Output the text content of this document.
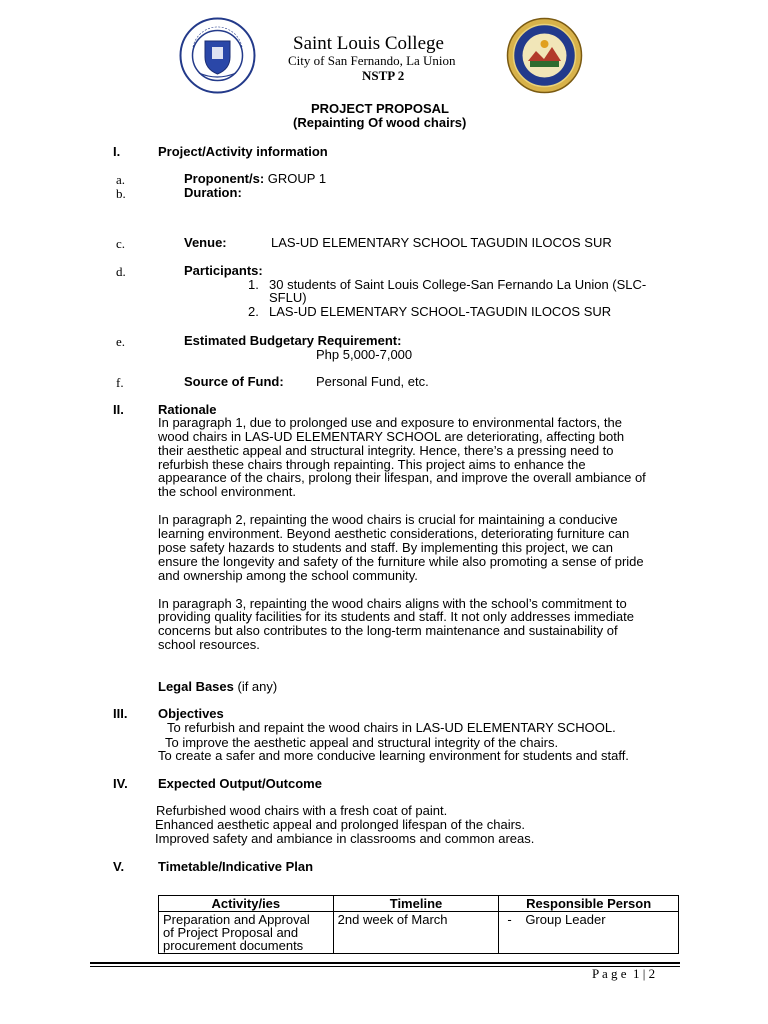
Saint Louis College
City of San Fernando, La Union
NSTP 2
PROJECT PROPOSAL
(Repainting Of wood chairs)
I.	Project/Activity information
a.	Proponent/s: GROUP 1
b.	Duration:
c.	Venue:	LAS-UD ELEMENTARY SCHOOL TAGUDIN ILOCOS SUR
d.	Participants:
1. 30 students of Saint Louis College-San Fernando La Union (SLC-
SFLU)
2. LAS-UD ELEMENTARY SCHOOL-TAGUDIN ILOCOS SUR
e.	Estimated Budgetary Requirement:
Php 5,000-7,000
f.	Source of Fund: Personal Fund, etc.
II.	Rationale
In paragraph 1, due to prolonged use and exposure to environmental factors, the
wood chairs in LAS-UD ELEMENTARY SCHOOL are deteriorating, affecting both
their aesthetic appeal and structural integrity. Hence, there’s a pressing need to
refurbish these chairs through repainting. This project aims to enhance the
appearance of the chairs, prolong their lifespan, and improve the overall ambiance of
the school environment.
In paragraph 2, repainting the wood chairs is crucial for maintaining a conducive
learning environment. Beyond aesthetic considerations, deteriorating furniture can
pose safety hazards to students and staff. By implementing this project, we can
ensure the longevity and safety of the furniture while also promoting a sense of pride
and ownership among the school community.
In paragraph 3, repainting the wood chairs aligns with the school’s commitment to
providing quality facilities for its students and staff. It not only addresses immediate
concerns but also contributes to the long-term maintenance and sustainability of
school resources.
Legal Bases (if any)
III. Objectives
To refurbish and repaint the wood chairs in LAS-UD ELEMENTARY SCHOOL.
To improve the aesthetic appeal and structural integrity of the chairs.
To create a safer and more conducive learning environment for students and staff.
IV. Expected Output/Outcome
Refurbished wood chairs with a fresh coat of paint.
Enhanced aesthetic appeal and prolonged lifespan of the chairs.
Improved safety and ambiance in classrooms and common areas.
V.	Timetable/Indicative Plan
Activity/ies	Timeline	Responsible Person

Preparation and Approval
of Project Proposal and
procurement documents	2nd week of March	- Group Leader
P a g e  1 | 2
